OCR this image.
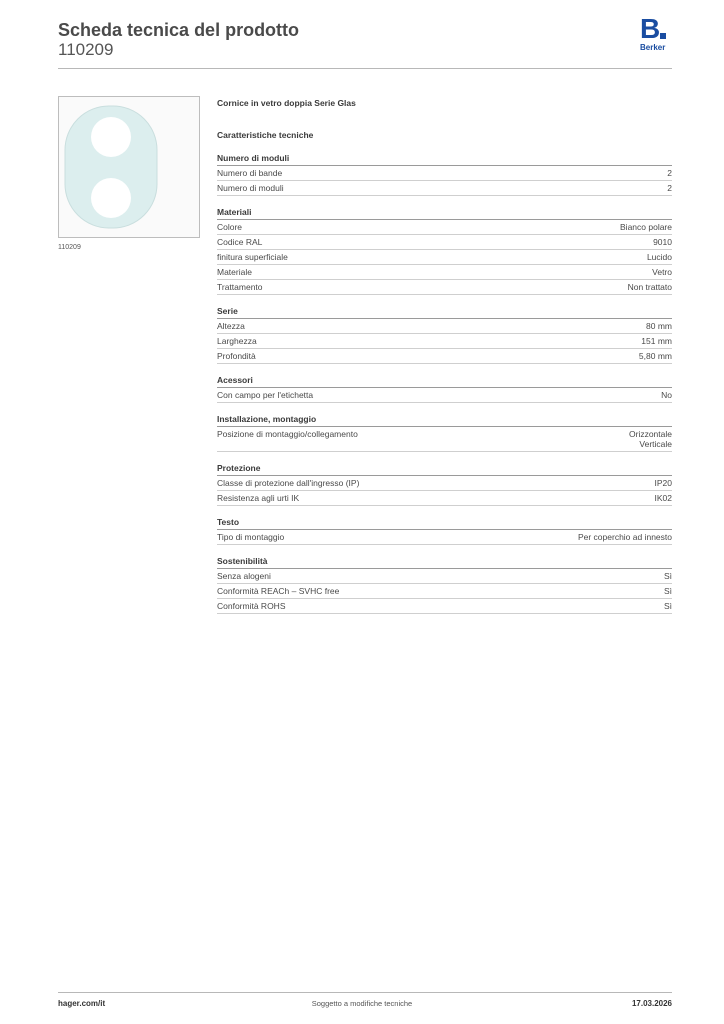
Scheda tecnica del prodotto
110209
B
Berker
110209
Cornice in vetro doppia Serie Glas
Caratteristiche tecniche
Numero di moduli
Numero di bande	2
Numero di moduli	2
Materiali
Colore	Bianco polare
Codice RAL	9010
finitura superficiale	Lucido
Materiale	Vetro
Trattamento	Non trattato
Serie
Altezza	80 mm
Larghezza	151 mm
Profondità	5,80 mm
Acessori
Con campo per l'etichetta	No
Installazione, montaggio
Posizione di montaggio/collegamento	Orizzontale
Verticale
Protezione
Classe di protezione dall'ingresso (IP)	IP20
Resistenza agli urti IK	IK02
Testo
Tipo di montaggio	Per coperchio ad innesto
Sostenibilità
Senza alogeni	Sì
Conformità REACh – SVHC free	Sì
Conformità ROHS	Sì
hager.com/it	Soggetto a modifiche tecniche	17.03.2026
